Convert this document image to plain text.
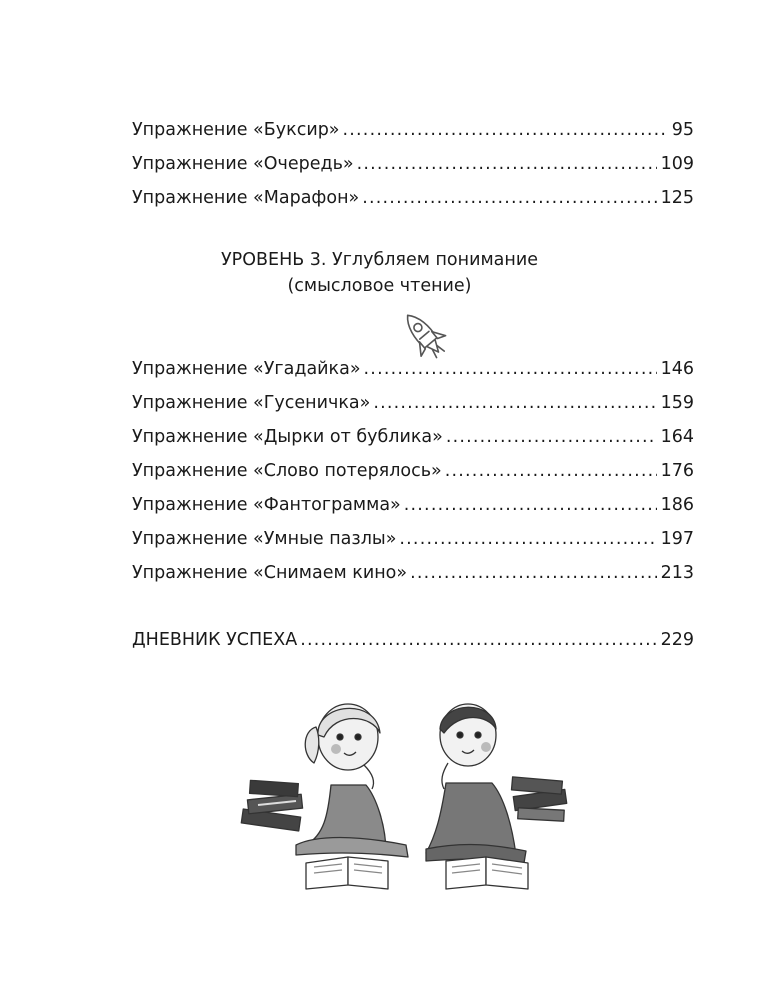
Упражнение «Буксир» .....	95
Упражнение «Очередь» .....	109
Упражнение «Марафон» .....	125
УРОВЕНЬ 3. Углубляем понимание
(смысловое чтение)
Упражнение «Угадайка» .....	146
Упражнение «Гусеничка» .....	159
Упражнение «Дырки от бублика» .....	164
Упражнение «Слово потерялось» .....	176
Упражнение «Фантограмма» .....	186
Упражнение «Умные пазлы» .....	197
Упражнение «Снимаем кино» .....	213
ДНЕВНИК УСПЕХА .....	229
